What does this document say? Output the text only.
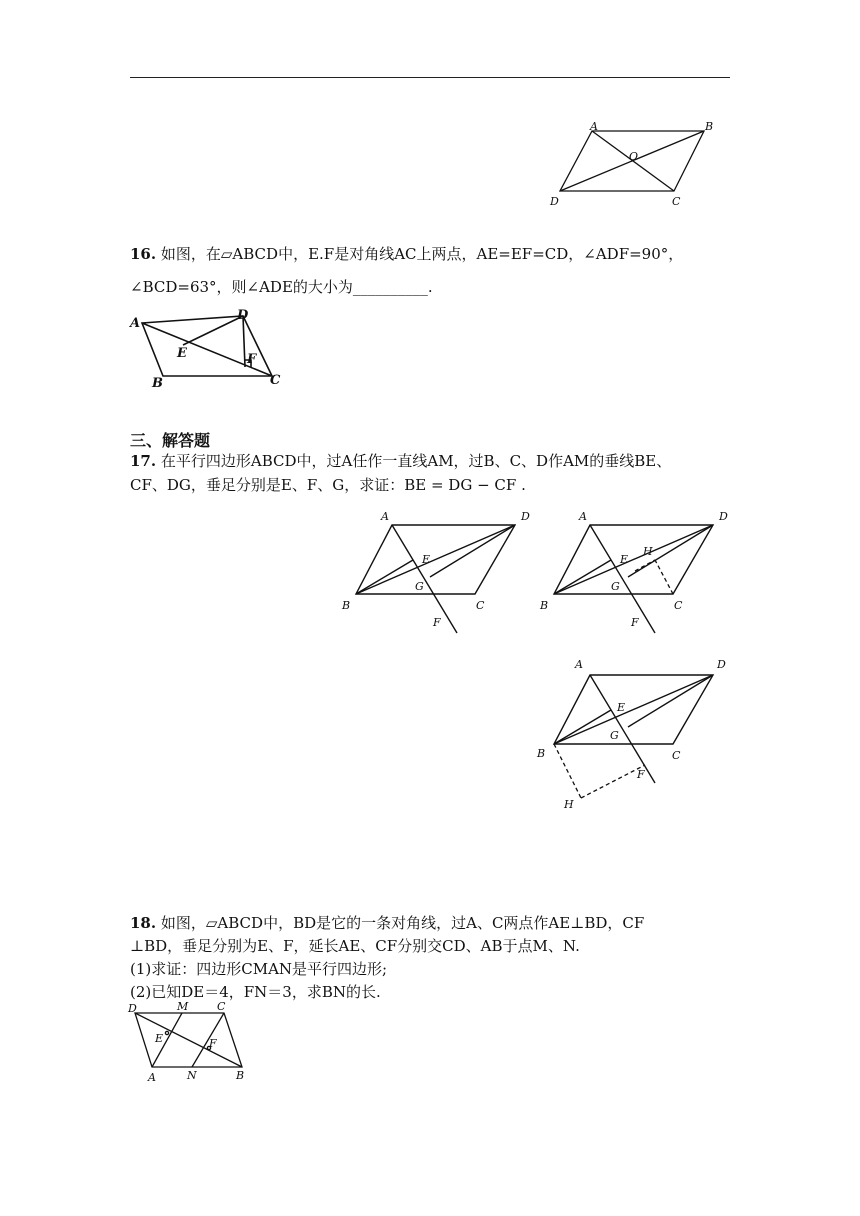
A	B
O
D	C
16. 如图，在▱ABCD中，E.F是对角线AC上两点，AE=EF=CD，∠ADF=90°，
∠BCD=63°，则∠ADE的大小为__________.
A
D
E	F
B	C
三、解答题
17. 在平行四边形ABCD中，过A任作一直线AM，过B、C、D作AM的垂线BE、
CF、DG，垂足分别是E、F、G，求证：BE = DG − CF .
A	D
E
G
B	C
F
A	D
E
H
G
B	C
F
A	D
E
G
B	C
F
H
18. 如图，▱ABCD中，BD是它的一条对角线，过A、C两点作AE⊥BD，CF
⊥BD，垂足分别为E、F，延长AE、CF分别交CD、AB于点M、N.
(1)求证：四边形CMAN是平行四边形;
(2)已知DE＝4，FN＝3，求BN的长.
D	M	C
E	F
A	N	B
